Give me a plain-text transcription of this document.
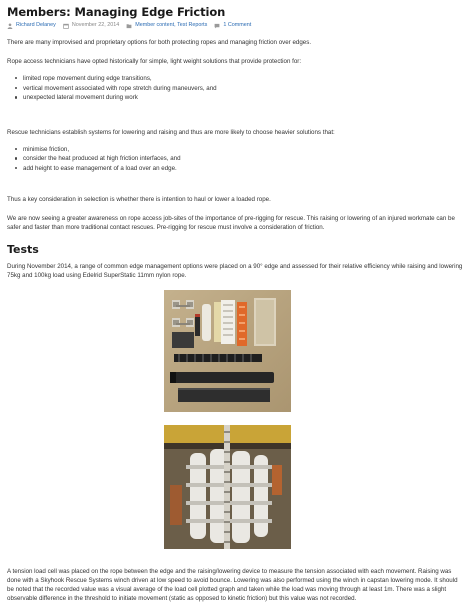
Members: Managing Edge Friction
Richard Delaney	November 22, 2014	Member content, Test Reports	1 Comment

There are many improvised and proprietary options for both protecting ropes and managing friction over edges.

Rope access technicians have opted historically for simple, light weight solutions that provide protection for:

limited rope movement during edge transitions,
vertical movement associated with rope stretch during maneuvers, and
unexpected lateral movement during work

Rescue technicians establish systems for lowering and raising and thus are more likely to choose heavier solutions that:

minimise friction,
consider the heat produced at high friction interfaces, and
add height to ease management of a load over an edge.

Thus a key consideration in selection is whether there is intention to haul or lower a loaded rope.

We are now seeing a greater awareness on rope access job-sites of the importance of pre-rigging for rescue. This raising or lowering of an injured workmate can be safer and faster than more traditional contact rescues. Pre-rigging for rescue must involve a consideration of friction.

Tests

During November 2014, a range of common edge management options were placed on a 90° edge and assessed for their relative efficiency while raising and lowering 75kg and 100kg load using Edelrid SuperStatic 11mm nylon rope.

A tension load cell was placed on the rope between the edge and the raising/lowering device to measure the tension associated with each movement. Raising was done with a Skyhook Rescue Systems winch driven at low speed to avoid bounce. Lowering was also performed using the winch in capstan lowering mode. It should be noted that the recorded value was a visual average of the load cell plotted graph and taken while the load was moving through at least 1m. There was a slight observable difference in the threshold to initiate movement (static as opposed to kinetic friction) but this value was not recorded.
